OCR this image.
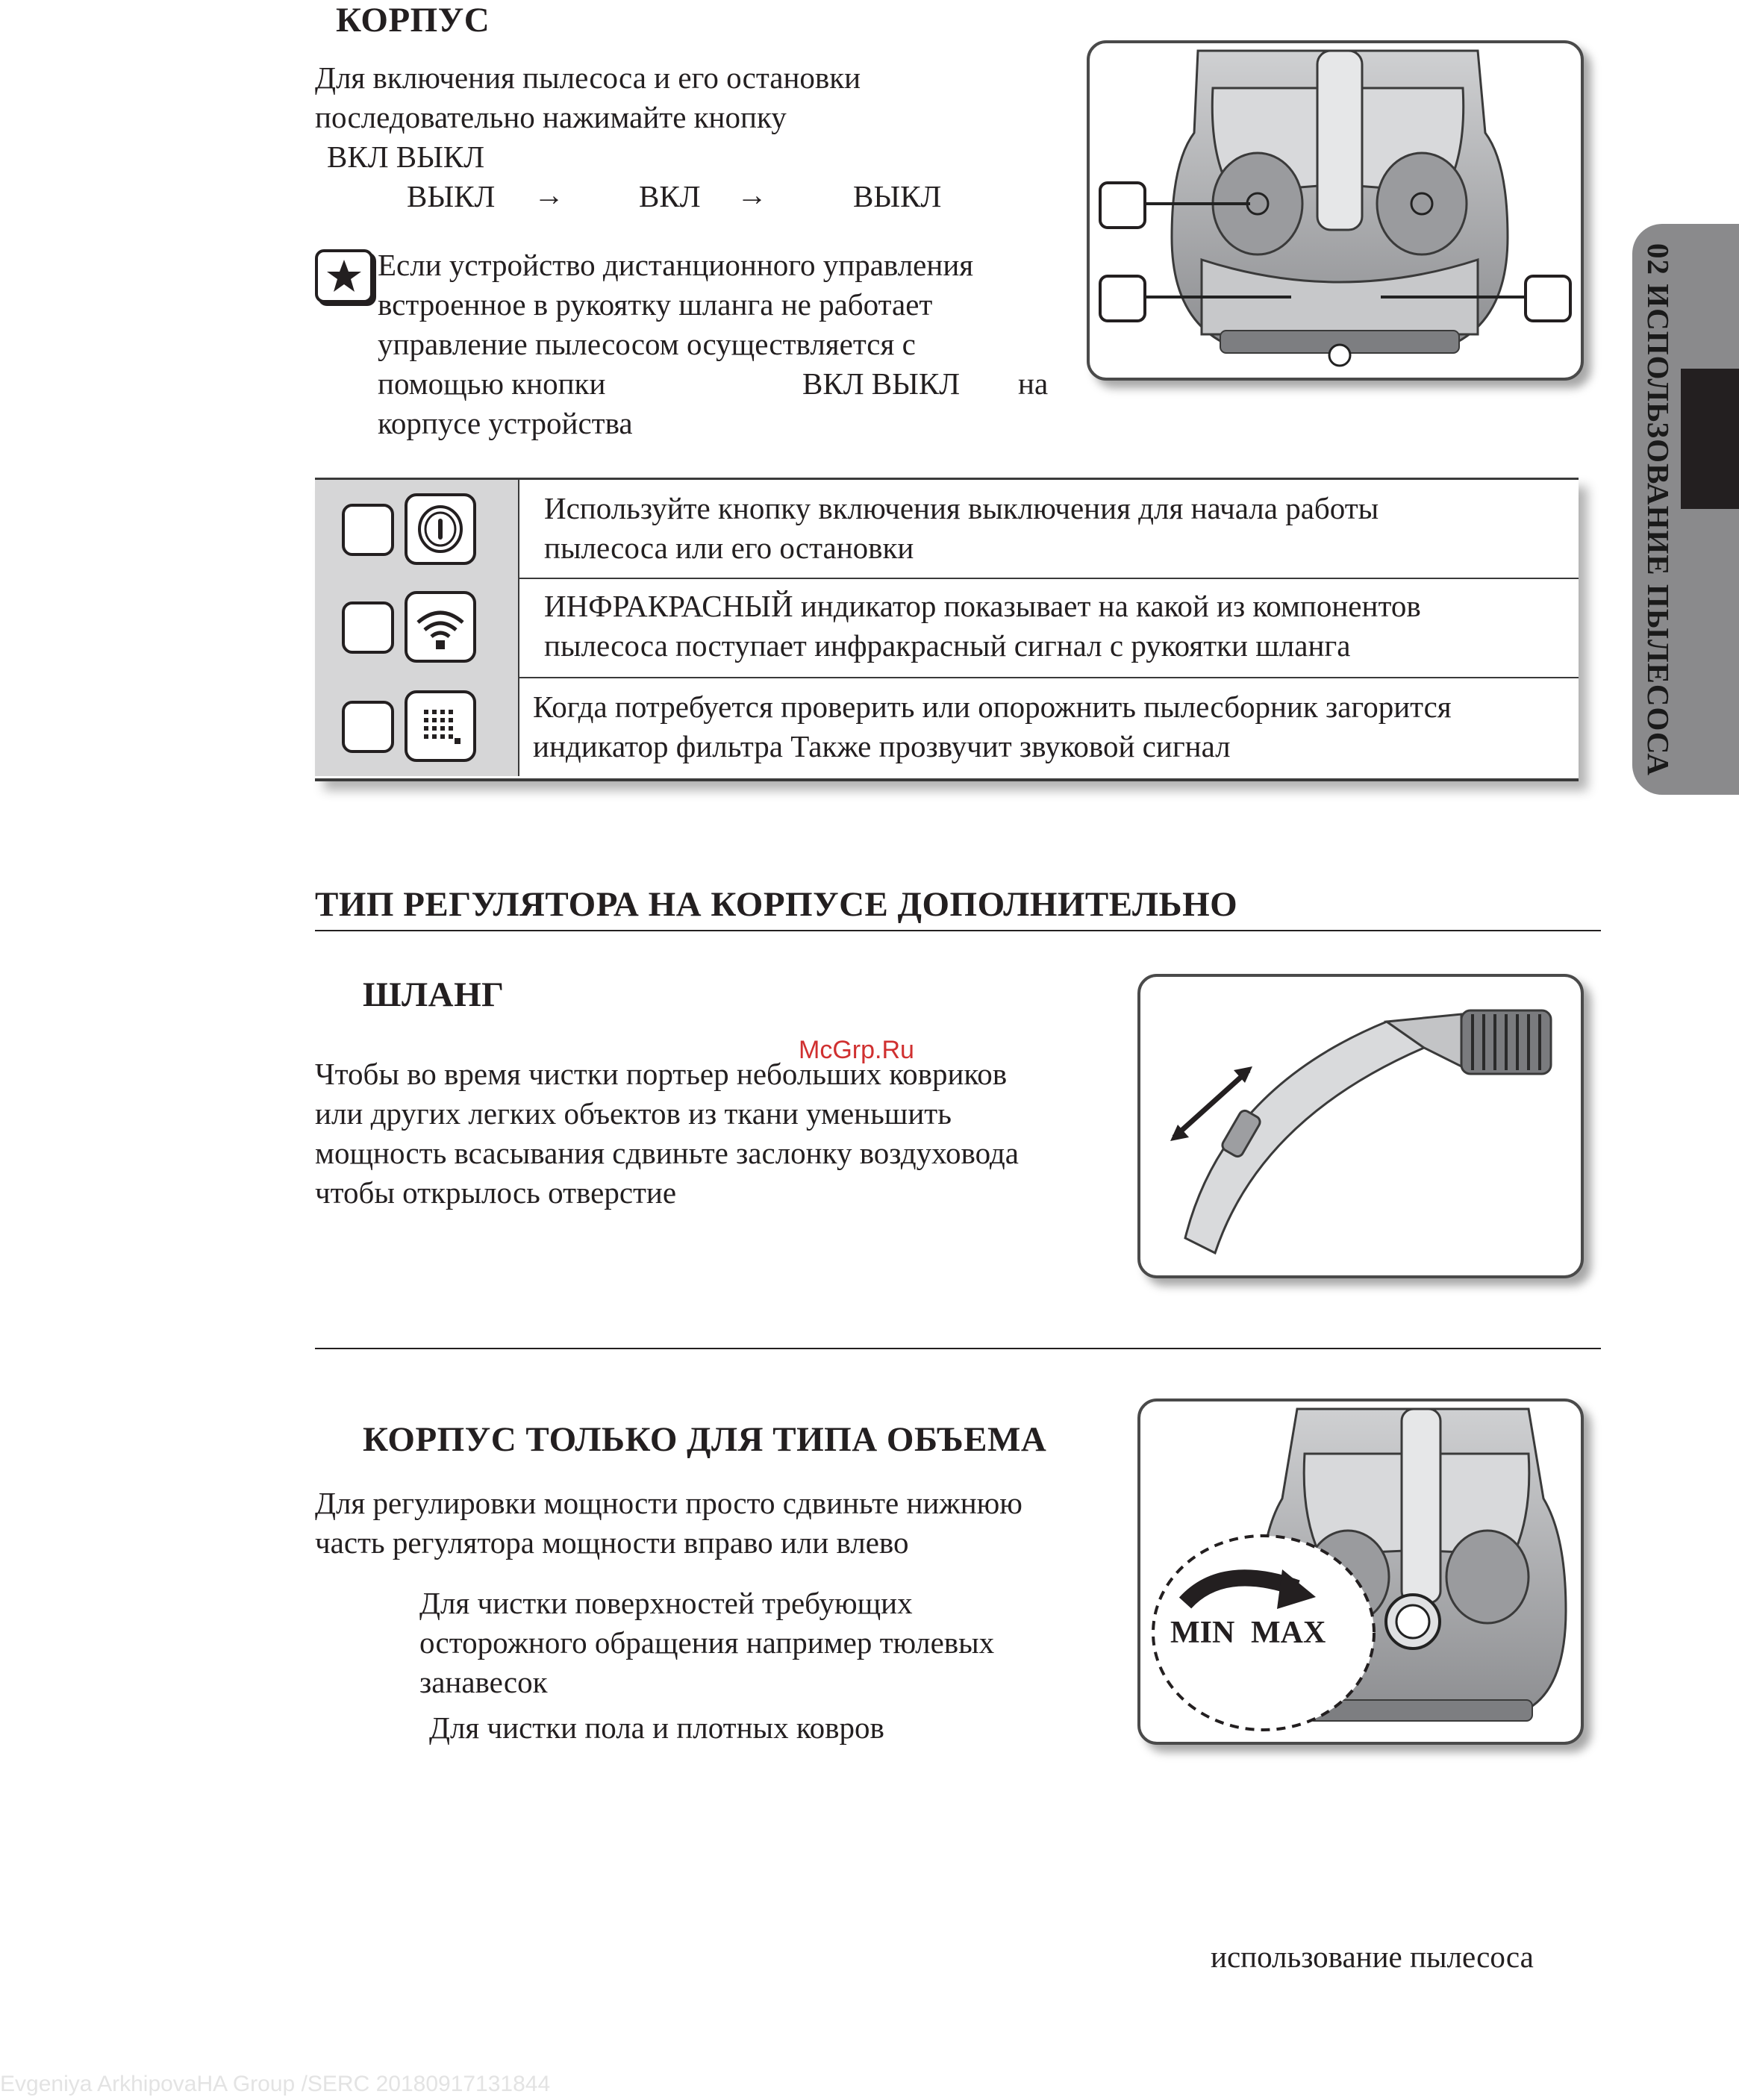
02 ИСПОЛЬЗОВАНИЕ ПЫЛЕСОСА
КОРПУС
Для включения пылесоса и его остановки
последовательно нажимайте кнопку
ВКЛ ВЫКЛ
ВЫКЛ → ВКЛ →	ВЫКЛ
Если устройство дистанционного управления
встроенное в рукоятку шланга не работает
управление пылесосом осуществляется с
помощью кнопки	ВКЛ ВЫКЛ на
корпусе устройства
Используйте кнопку включения выключения для начала работы
пылесоса или его остановки
ИНФРАКРАСНЫЙ индикатор показывает на какой из компонентов
пылесоса поступает инфракрасный сигнал с рукоятки шланга
Когда потребуется проверить или опорожнить пылесборник загорится
индикатор фильтра Также прозвучит звуковой сигнал
ТИП РЕГУЛЯТОРА НА КОРПУСЕ ДОПОЛНИТЕЛЬНО
ШЛАНГ
McGrp.Ru
Чтобы во время чистки портьер небольших ковриков
или других легких объектов из ткани уменьшить
мощность всасывания сдвиньте заслонку воздуховода
чтобы открылось отверстие
КОРПУС ТОЛЬКО ДЛЯ ТИПА ОБЪЕМА
Для регулировки мощности просто сдвиньте нижнюю
часть регулятора мощности вправо или влево
Для чистки поверхностей требующих
осторожного обращения например тюлевых
занавесок
Для чистки пола и плотных ковров
MIN MAX
использование пылесоса
Evgeniya ArkhipovaHA Group /SERC 20180917131844
